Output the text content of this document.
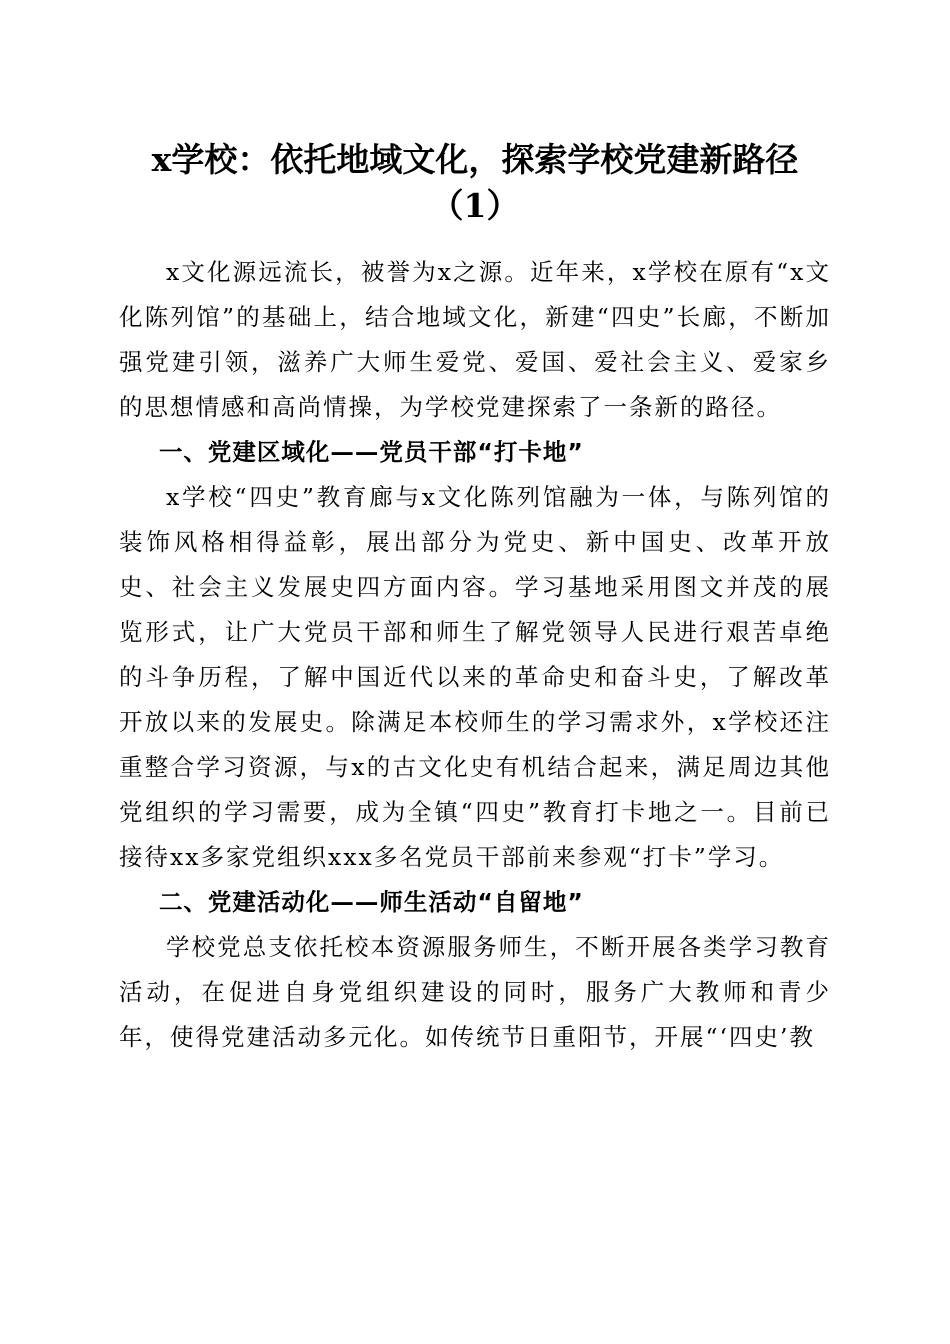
x学校：依托地域文化，探索学校党建新路径
（1）

x文化源远流长，被誉为x之源。近年来，x学校在原有“x文化陈列馆”的基础上，结合地域文化，新建“四史”长廊，不断加强党建引领，滋养广大师生爱党、爱国、爱社会主义、爱家乡的思想情感和高尚情操，为学校党建探索了一条新的路径。

一、党建区域化——党员干部“打卡地”

x学校“四史”教育廊与x文化陈列馆融为一体，与陈列馆的装饰风格相得益彰，展出部分为党史、新中国史、改革开放史、社会主义发展史四方面内容。学习基地采用图文并茂的展览形式，让广大党员干部和师生了解党领导人民进行艰苦卓绝的斗争历程，了解中国近代以来的革命史和奋斗史，了解改革开放以来的发展史。除满足本校师生的学习需求外，x学校还注重整合学习资源，与x的古文化史有机结合起来，满足周边其他党组织的学习需要，成为全镇“四史”教育打卡地之一。目前已接待xx多家党组织xxx多名党员干部前来参观“打卡”学习。

二、党建活动化——师生活动“自留地”

学校党总支依托校本资源服务师生，不断开展各类学习教育活动，在促进自身党组织建设的同时，服务广大教师和青少年，使得党建活动多元化。如传统节日重阳节，开展“‘四史’教
